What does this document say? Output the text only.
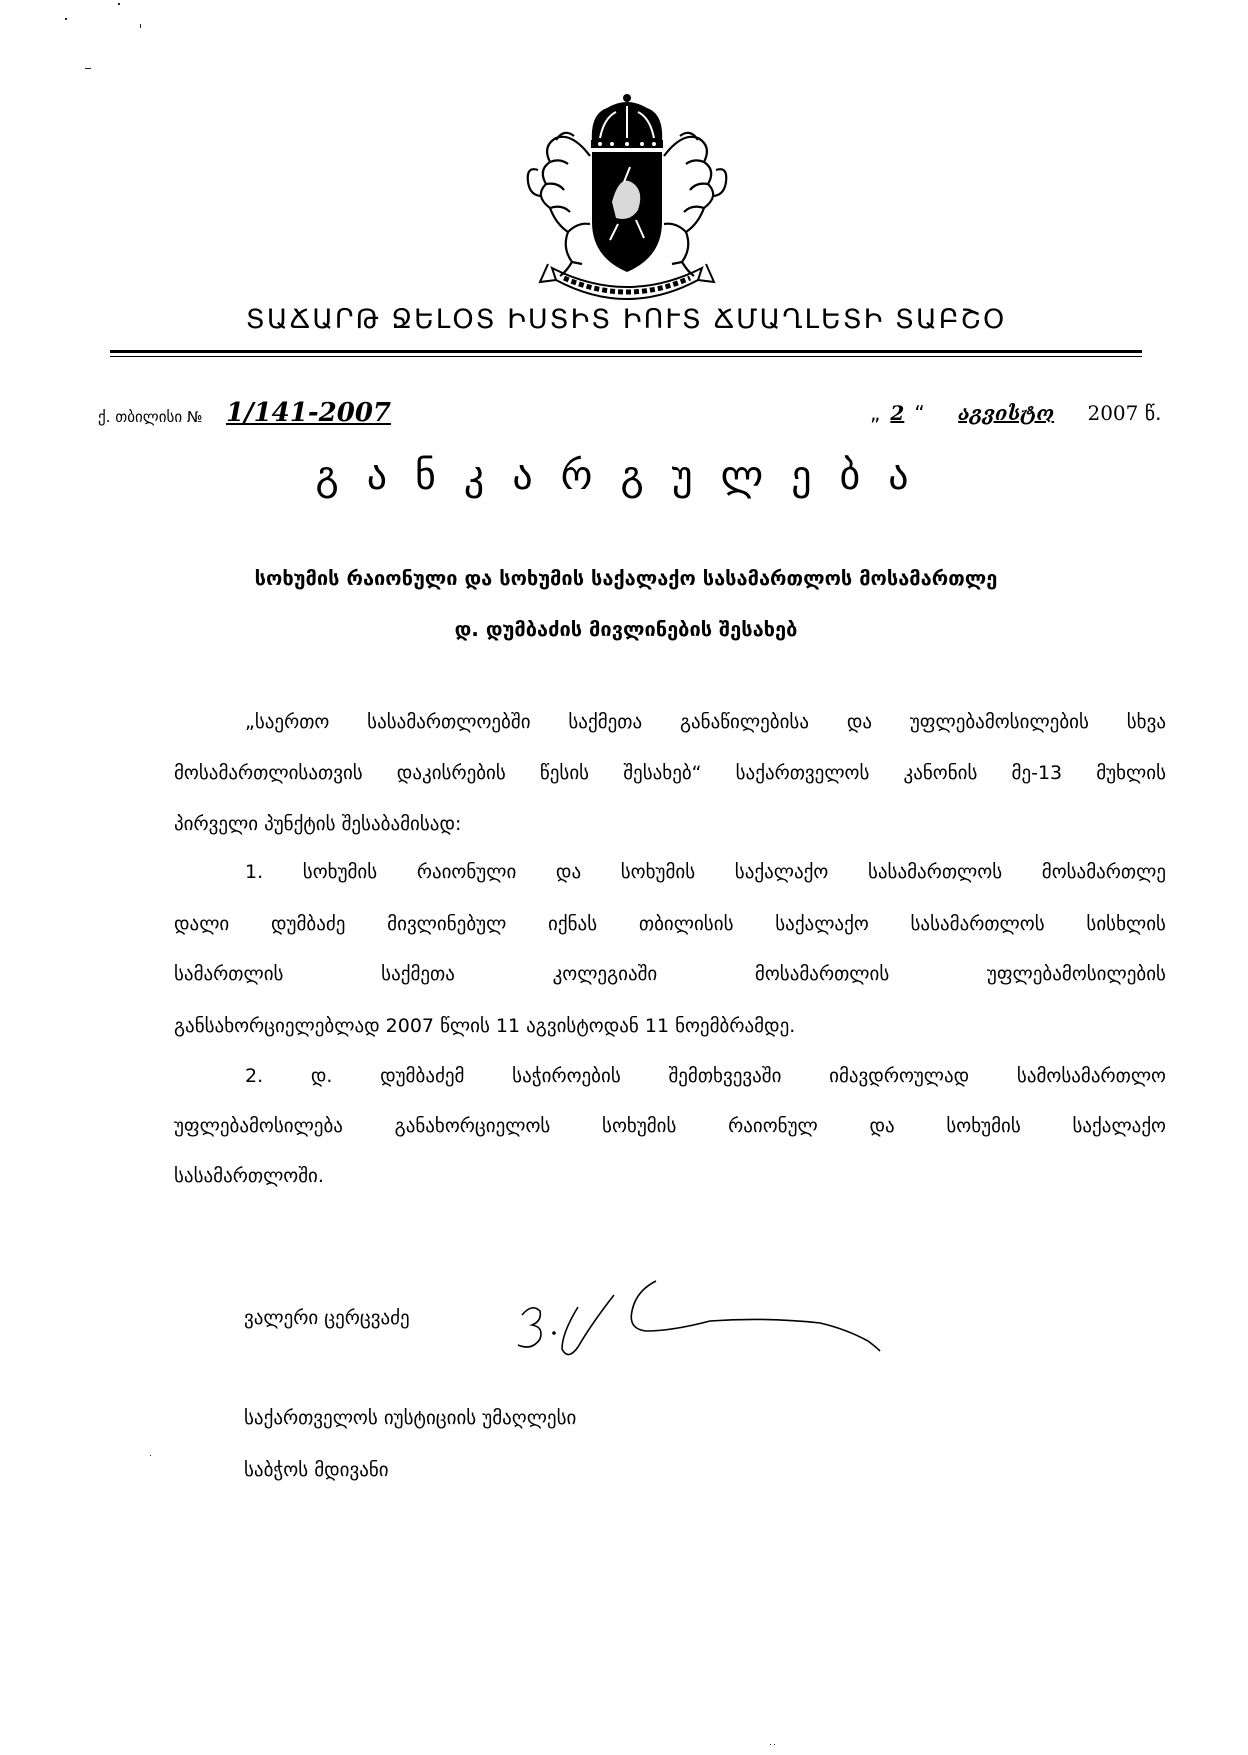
ՏԱՃԱՐԹ ՋԵԼՕՏ ԻՍՏԻՏ ԻՈՒՏ ՃՄԱՂԼԵՏԻ ՏԱԲՇՕ
ქ. თბილისი № 1/141-2007	„ 2 “ აგვისტო 2007 წ.
განკარგულება
სოხუმის რაიონული და სოხუმის საქალაქო სასამართლოს მოსამართლე
დ. დუმბაძის მივლინების შესახებ
„საერთო სასამართლოებში საქმეთა განაწილებისა და უფლებამოსილების სხვა
მოსამართლისათვის დაკისრების წესის შესახებ“ საქართველოს კანონის მე-13 მუხლის
პირველი პუნქტის შესაბამისად:
1. სოხუმის რაიონული და სოხუმის საქალაქო სასამართლოს მოსამართლე
დალი დუმბაძე მივლინებულ იქნას თბილისის საქალაქო სასამართლოს სისხლის
სამართლის საქმეთა კოლეგიაში მოსამართლის უფლებამოსილების
განსახორციელებლად 2007 წლის 11 აგვისტოდან 11 ნოემბრამდე.
2. დ. დუმბაძემ საჭიროების შემთხვევაში იმავდროულად სამოსამართლო
უფლებამოსილება განახორციელოს სოხუმის რაიონულ და სოხუმის საქალაქო
სასამართლოში.
ვალერი ცერცვაძე
საქართველოს იუსტიციის უმაღლესი
საბჭოს მდივანი
